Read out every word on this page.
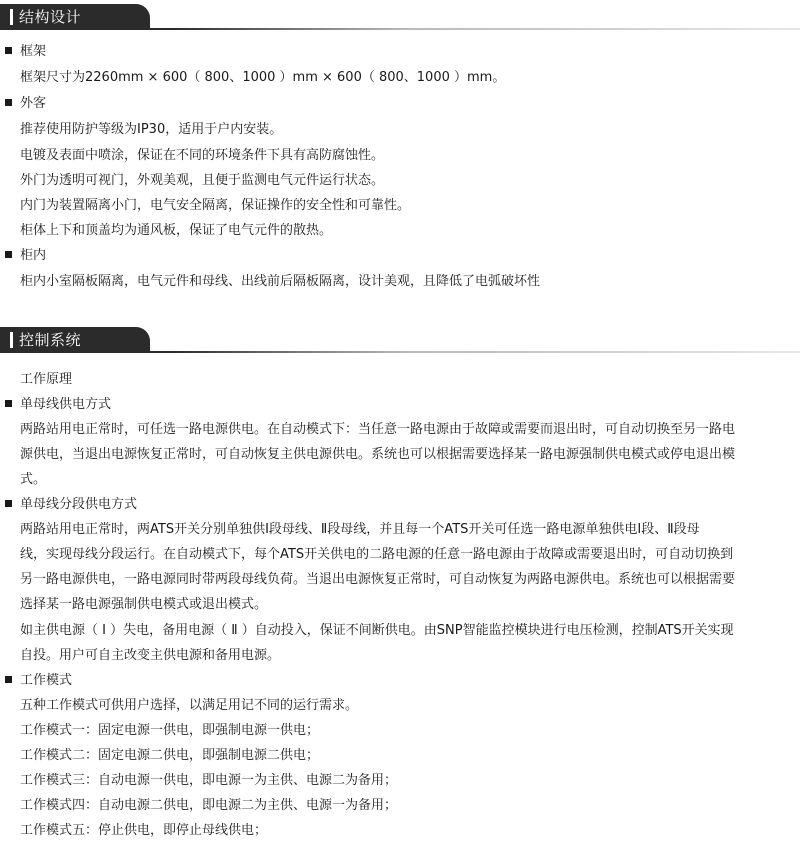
结构设计
框架
框架尺寸为2260mm × 600（ 800、1000 ）mm × 600（ 800、1000 ）mm。
外客
推荐使用防护等级为IP30，适用于户内安装。
电镀及表面中喷涂，保证在不同的环境条件下具有高防腐蚀性。
外门为透明可视门，外观美观，且便于监测电气元件运行状态。
内门为装置隔离小门，电气安全隔离，保证操作的安全性和可靠性。
柜体上下和顶盖均为通风板，保证了电气元件的散热。
柜内
柜内小室隔板隔离，电气元件和母线、出线前后隔板隔离，设计美观，且降低了电弧破坏性
控制系统
工作原理
单母线供电方式
两路站用电正常时，可任选一路电源供电。在自动模式下：当任意一路电源由于故障或需要而退出时，可自动切换至另一路电
源供电，当退出电源恢复正常时，可自动恢复主供电源供电。系统也可以根据需要选择某一路电源强制供电模式或停电退出模
式。
单母线分段供电方式
两路站用电正常时，两ATS开关分别单独供Ⅰ段母线、Ⅱ段母线，并且每一个ATS开关可任选一路电源单独供电Ⅰ段、Ⅱ段母
线，实现母线分段运行。在自动模式下，每个ATS开关供电的二路电源的任意一路电源由于故障或需要退出时，可自动切换到
另一路电源供电，一路电源同时带两段母线负荷。当退出电源恢复正常时，可自动恢复为两路电源供电。系统也可以根据需要
选择某一路电源强制供电模式或退出模式。
如主供电源（ Ⅰ ）失电，备用电源（ Ⅱ ）自动投入，保证不间断供电。由SNP智能监控模块进行电压检测，控制ATS开关实现
自投。用户可自主改变主供电源和备用电源。
工作模式
五种工作模式可供用户选择，以满足用记不同的运行需求。
工作模式一：固定电源一供电，即强制电源一供电；
工作模式二：固定电源二供电，即强制电源二供电；
工作模式三：自动电源一供电，即电源一为主供、电源二为备用；
工作模式四：自动电源二供电，即电源二为主供、电源一为备用；
工作模式五：停止供电，即停止母线供电；
